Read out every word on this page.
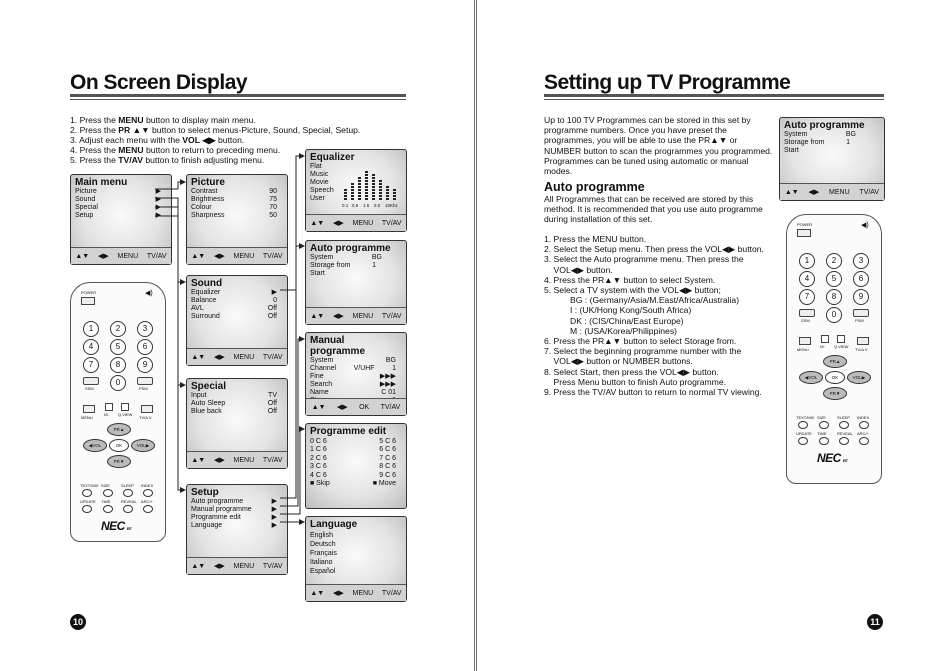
On Screen Display
1. Press the MENU button to display main menu.
2. Press the PR ▲▼ button to select menus-Picture, Sound, Special, Setup.
3. Adjust each menu with the VOL ◀▶ button.
4. Press the MENU button to return to preceding menu.
5. Press the TV/AV button to finish adjusting menu.
Main menu
Picture	▶
Sound	▶
Special	▶
Setup	▶
▲▼ ◀▶ MENU TV/AV
Picture
Contrast	90
Brightness	75
Colour	70
Sharpness	50
▲▼ ◀▶ MENU TV/AV
Sound
Equalizer	▶
Balance	0
AVL	Off
Surround	Off
▲▼ ◀▶ MENU TV/AV
Special
Input	TV
Auto Sleep	Off
Blue back	Off
▲▼ ◀▶ MENU TV/AV
Setup
Auto programme	▶
Manual programme	▶
Programme edit	▶
Language	▶
▲▼ ◀▶ MENU TV/AV
Equalizer
Flat
Music
Movie
Speech
User
0.1 0.5 1.5 5.0 10Khz
▲▼ ◀▶ MENU TV/AV
Auto programme
System	BG
Storage from	1
Start
▲▼ ◀▶ MENU TV/AV
Manual programme
System	BG
Channel	V/UHF	1
Fine	▶▶▶
Search	▶▶▶
Name	C 01
▲▼ ◀▶ OK TV/AV
Programme edit
0 C 6	5 C 6
1 C 6	6 C 6
2 C 6	7 C 6
3 C 6	8 C 6
4 C 6	9 C 6
■ Skip	■ Move
Language
English
Deutsch
Français
Italiano
Español
▲▼ ◀▶ MENU TV/AV
POWER	◀)
1	2	3
4	5	6
7	8	9
0
SSM	PSM
MENU
I/II Q.VIEW
TV/A V
PR▲
◀VOL	OK	VOL▶
PR▼
TEXT/MIX
UPDATE
SIZE
TIME
SLEEP
REVEAL
INDEX
ARC/+
NEC E/T
10
Setting up TV Programme
Up to 100 TV Programmes can be stored in this set by
programme numbers. Once you have preset the
programmes, you will be able to use the PR▲▼ or
NUMBER button to scan the programmes you programmed.
Programmes can be tuned using automatic or manual
modes.
Auto programme
All Programmes that can be received are stored by this
method. It is recommended that you use auto programme
during installation of this set.
1. Press the MENU button.
2. Select the Setup menu. Then press the VOL◀▶ button.
3. Select the Auto programme menu. Then press the
VOL◀▶ button.
4. Press the PR▲▼ button to select System.
5. Select a TV system with the VOL◀▶ button;
BG : (Germany/Asia/M.East/Africa/Australia)
I : (UK/Hong Kong/South Africa)
DK : (CIS/China/East Europe)
M : (USA/Korea/Philippines)
6. Press the PR▲▼ button to select Storage from.
7. Select the beginning programme number with the
VOL◀▶ button or NUMBER buttons.
8. Select Start, then press the VOL◀▶ button.
Press Menu button to finish Auto programme.
9. Press the TV/AV button to return to normal TV viewing.
Auto programme
System	BG
Storage from	1
Start
▲▼ ◀▶ MENU TV/AV
POWER	◀)
1	2	3
4	5	6
7	8	9
0
SSM	PSM
MENU
I/II Q.VIEW
TV/A V
PR▲
◀VOL	OK	VOL▶
PR▼
TEXT/MIX
UPDATE
SIZE
TIME
SLEEP
REVEAL
INDEX
ARC/+
NEC E/T
11
